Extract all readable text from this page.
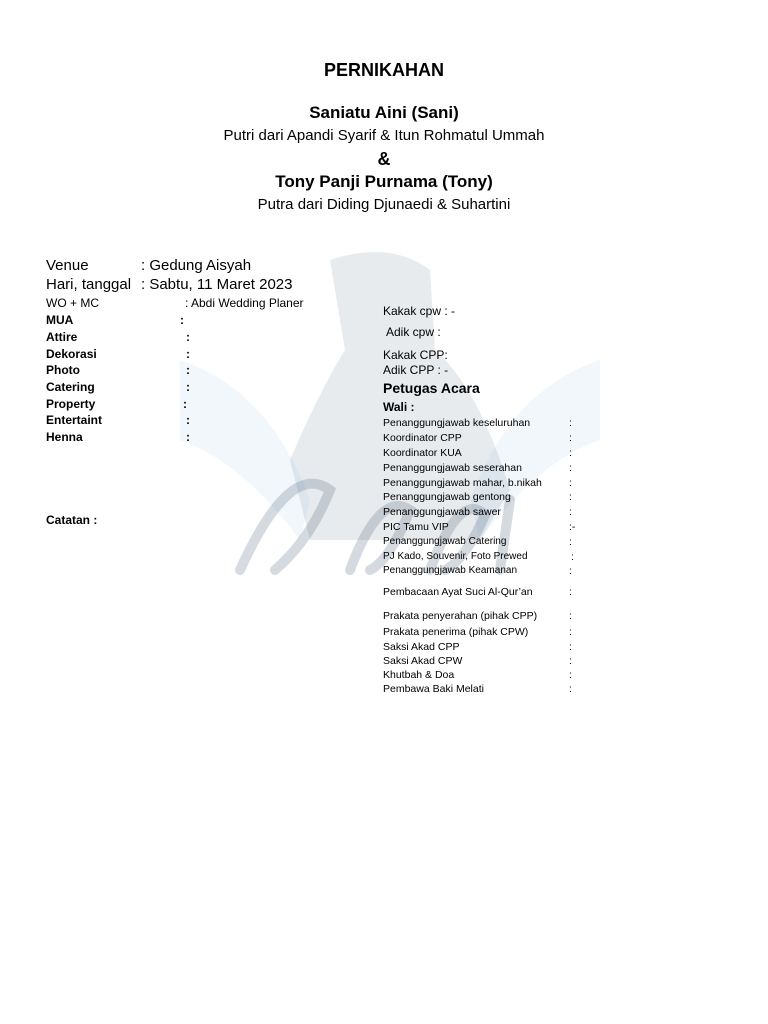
PERNIKAHAN
Saniatu Aini (Sani)
Putri dari Apandi Syarif & Itun Rohmatul Ummah
&
Tony Panji Purnama (Tony)
Putra dari Diding Djunaedi & Suhartini
Venue	: Gedung Aisyah
Hari, tanggal : Sabtu, 11 Maret 2023
WO + MC	: Abdi Wedding Planer
MUA	:
Attire	:
Dekorasi	:
Photo	:
Catering	:
Property	:
Entertaint	:
Henna	:
Catatan :
Kakak cpw : -
Adik cpw :
Kakak CPP:
Adik CPP : -
Petugas Acara
Wali :
Penanggungjawab keseluruhan	:
Koordinator CPP	:
Koordinator KUA	:
Penanggungjawab seserahan	:
Penanggungjawab mahar, b.nikah	:
Penanggungjawab gentong	:
Penanggungjawab sawer	:
PIC Tamu VIP	:-
Penanggungjawab Catering	:
PJ Kado, Souvenir, Foto Prewed	:
Penanggungjawab Keamanan	:
Pembacaan Ayat Suci Al-Qur’an	:
Prakata penyerahan (pihak CPP)	:
Prakata penerima (pihak CPW)	:
Saksi Akad CPP	:
Saksi Akad CPW	:
Khutbah & Doa	:
Pembawa Baki Melati	:
